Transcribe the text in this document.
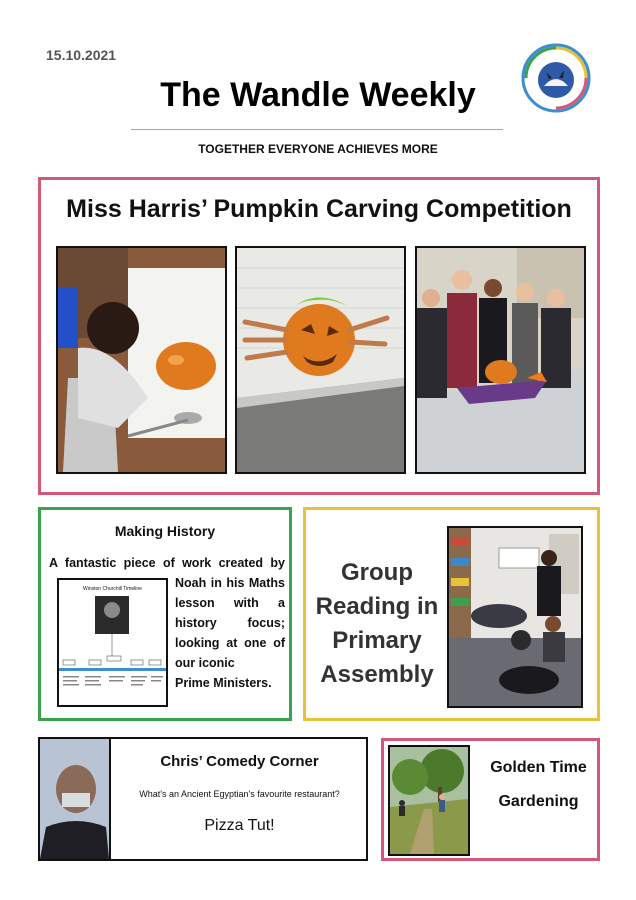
15.10.2021
The Wandle Weekly
TOGETHER EVERYONE ACHIEVES MORE
Miss Harris’ Pumpkin Carving Competition
Making History
A fantastic piece of work created by
Noah in his Maths lesson with a history focus; looking at one of our iconic
Prime Ministers.
Winston Churchill Timeline
Group Reading in Primary Assembly
Chris’ Comedy Corner
What's an Ancient Egyptian's favourite restaurant?
Pizza Tut!
Golden Time Gardening
